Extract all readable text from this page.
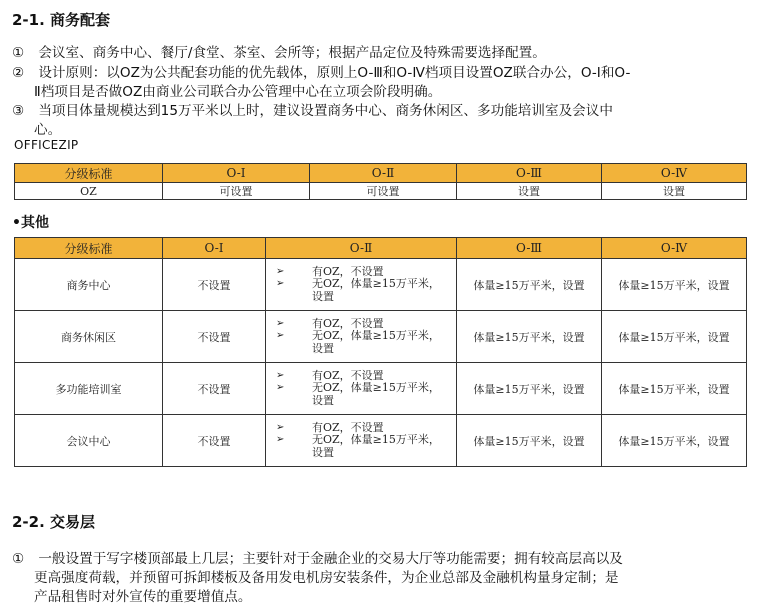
2-1. 商务配套
① 会议室、商务中心、餐厅/食堂、茶室、会所等；根据产品定位及特殊需要选择配置。
② 设计原则：以OZ为公共配套功能的优先载体，原则上O-Ⅲ和O-Ⅳ档项目设置OZ联合办公，O-Ⅰ和O-
Ⅱ档项目是否做OZ由商业公司联合办公管理中心在立项会阶段明确。
③ 当项目体量规模达到15万平米以上时，建议设置商务中心、商务休闲区、多功能培训室及会议中
心。
OFFICEZIP
分级标准	O-Ⅰ	O-Ⅱ	O-Ⅲ	O-Ⅳ
OZ	可设置	可设置	设置	设置
•其他
分级标准	O-Ⅰ	O-Ⅱ	O-Ⅲ	O-Ⅳ
商务中心	不设置	➢ 有OZ，不设置
➢ 无OZ，体量≥15万平米，
设置	体量≥15万平米，设置	体量≥15万平米，设置
商务休闲区	不设置	➢ 有OZ，不设置
➢ 无OZ，体量≥15万平米，
设置	体量≥15万平米，设置	体量≥15万平米，设置
多功能培训室	不设置	➢ 有OZ，不设置
➢ 无OZ，体量≥15万平米，
设置	体量≥15万平米，设置	体量≥15万平米，设置
会议中心	不设置	➢ 有OZ，不设置
➢ 无OZ，体量≥15万平米，
设置	体量≥15万平米，设置	体量≥15万平米，设置
2-2. 交易层
① 一般设置于写字楼顶部最上几层；主要针对于金融企业的交易大厅等功能需要；拥有较高层高以及
更高强度荷载，并预留可拆卸楼板及备用发电机房安装条件，为企业总部及金融机构量身定制；是
产品租售时对外宣传的重要增值点。
